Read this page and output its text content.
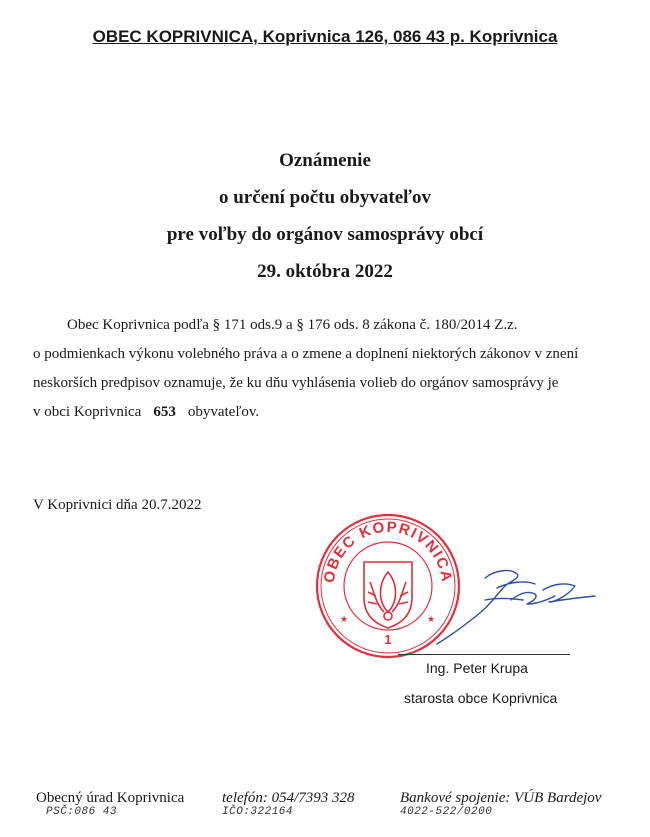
OBEC KOPRIVNICA, Koprivnica 126, 086 43 p. Koprivnica
Oznámenie
o určení počtu obyvateľov
pre voľby do orgánov samosprávy obcí
29. októbra 2022
Obec Koprivnica podľa § 171 ods.9 a § 176 ods. 8 zákona č. 180/2014 Z.z.
o podmienkach výkonu volebného práva a o zmene a doplnení niektorých zákonov v znení
neskorších predpisov oznamuje, že ku dňu vyhlásenia volieb do orgánov samosprávy je
v obci Koprivnica 653 obyvateľov.
V Koprivnici dňa 20.7.2022
OBEC KOPRIVNICA
★	★
1
Ing. Peter Krupa
starosta obce Koprivnica
Obecný úrad Koprivnica
PSČ:086 43
telefón: 054/7393 328
IČO:322164
Bankové spojenie: VÚB Bardejov
4022-522/0200
